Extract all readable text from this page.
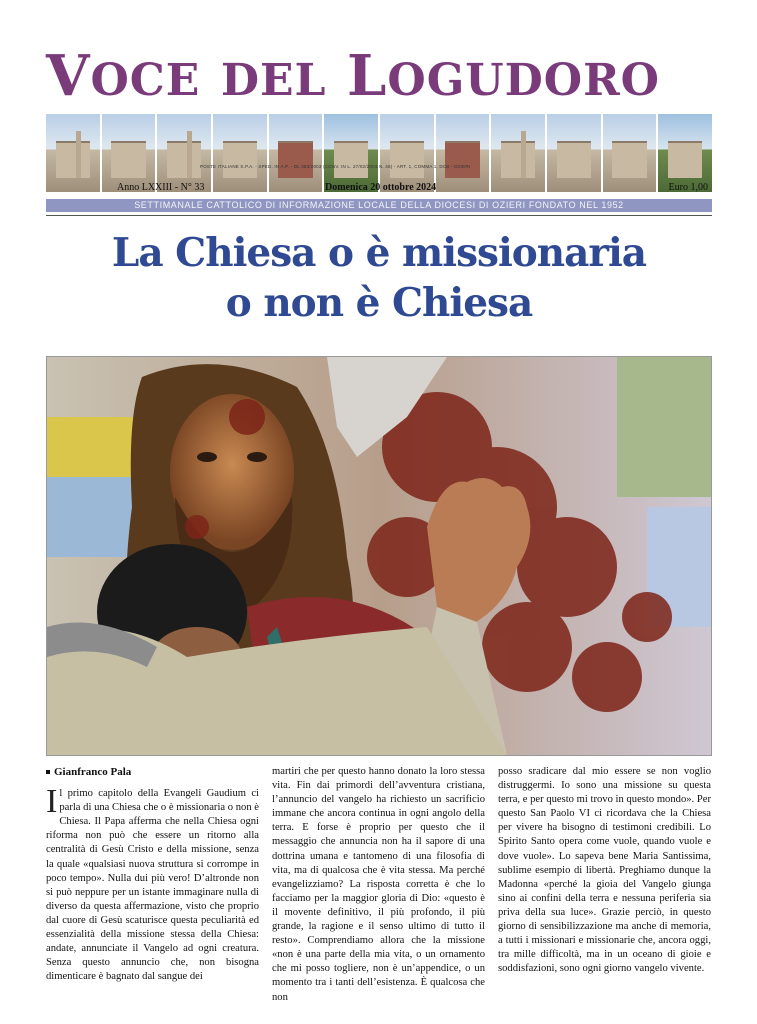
VOCE DEL LOGUDORO
POSTE ITALIANE S.P.A. - SPED. IN A.P. - DL 353/2003 (CONV. IN L. 27/02/2004 N. 46) - ART. 1, COMMA 1, DCB - OZIERI
Anno LXXIII - N° 33	Domenica 20 ottobre 2024	Euro 1,00
SETTIMANALE CATTOLICO DI INFORMAZIONE LOCALE DELLA DIOCESI DI OZIERI FONDATO NEL 1952
La Chiesa o è missionaria
o non è Chiesa
Gianfranco Pala
I l primo capitolo della Evangeli Gaudium ci parla di una Chiesa che o è missionaria o non è Chiesa. Il Papa afferma che nella Chiesa ogni riforma non può che essere un ritorno alla centralità di Gesù Cristo e della missione, senza la quale «qualsiasi nuova struttura si corrompe in poco tempo». Nulla dui più vero! D’altronde non si può neppure per un istante immaginare nulla di diverso da questa affermazione, visto che proprio dal cuore di Gesù scaturisce questa peculiarità ed essenzialità della missione stessa della Chiesa: andate, annunciate il Vangelo ad ogni creatura. Senza questo annuncio che, non bisogna dimenticare è bagnato dal sangue dei
martiri che per questo hanno donato la loro stessa vita. Fin dai primordi dell’avventura cristiana, l’annuncio del vangelo ha richiesto un sacrificio immane che ancora continua in ogni angolo della terra. E forse è proprio per questo che il messaggio che annuncia non ha il sapore di una dottrina umana e tantomeno di una filosofia di vita, ma di qualcosa che è vita stessa. Ma perché evangelizziamo? La risposta corretta è che lo facciamo per la maggior gloria di Dio: «questo è il movente definitivo, il più profondo, il più grande, la ragione e il senso ultimo di tutto il resto». Comprendiamo allora che la missione «non è una parte della mia vita, o un ornamento che mi posso togliere, non è un’appendice, o un momento tra i tanti dell’esistenza. È qualcosa che non
posso sradicare dal mio essere se non voglio distruggermi. Io sono una missione su questa terra, e per questo mi trovo in questo mondo». Per questo San Paolo VI ci ricordava che la Chiesa per vivere ha bisogno di testimoni credibili. Lo Spirito Santo opera come vuole, quando vuole e dove vuole». Lo sapeva bene Maria Santissima, sublime esempio di libertà. Preghiamo dunque la Madonna «perché la gioia del Vangelo giunga sino ai confini della terra e nessuna periferia sia priva della sua luce». Grazie perciò, in questo giorno di sensibilizzazione ma anche di memoria, a tutti i missionari e missionarie che, ancora oggi, tra mille difficoltà, ma in un oceano di gioie e soddisfazioni, sono ogni giorno vangelo vivente.
